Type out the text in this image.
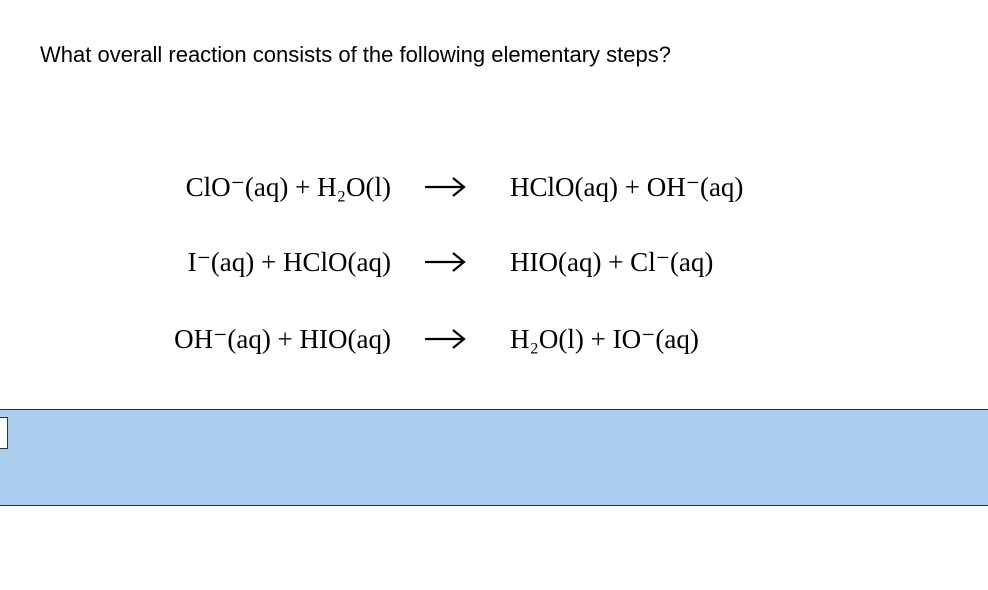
What overall reaction consists of the following elementary steps?
ClO⁻(aq) + H₂O(l) → HClO(aq) + OH⁻(aq)
I⁻(aq) + HClO(aq) → HIO(aq) + Cl⁻(aq)
OH⁻(aq) + HIO(aq) → H₂O(l) + IO⁻(aq)
